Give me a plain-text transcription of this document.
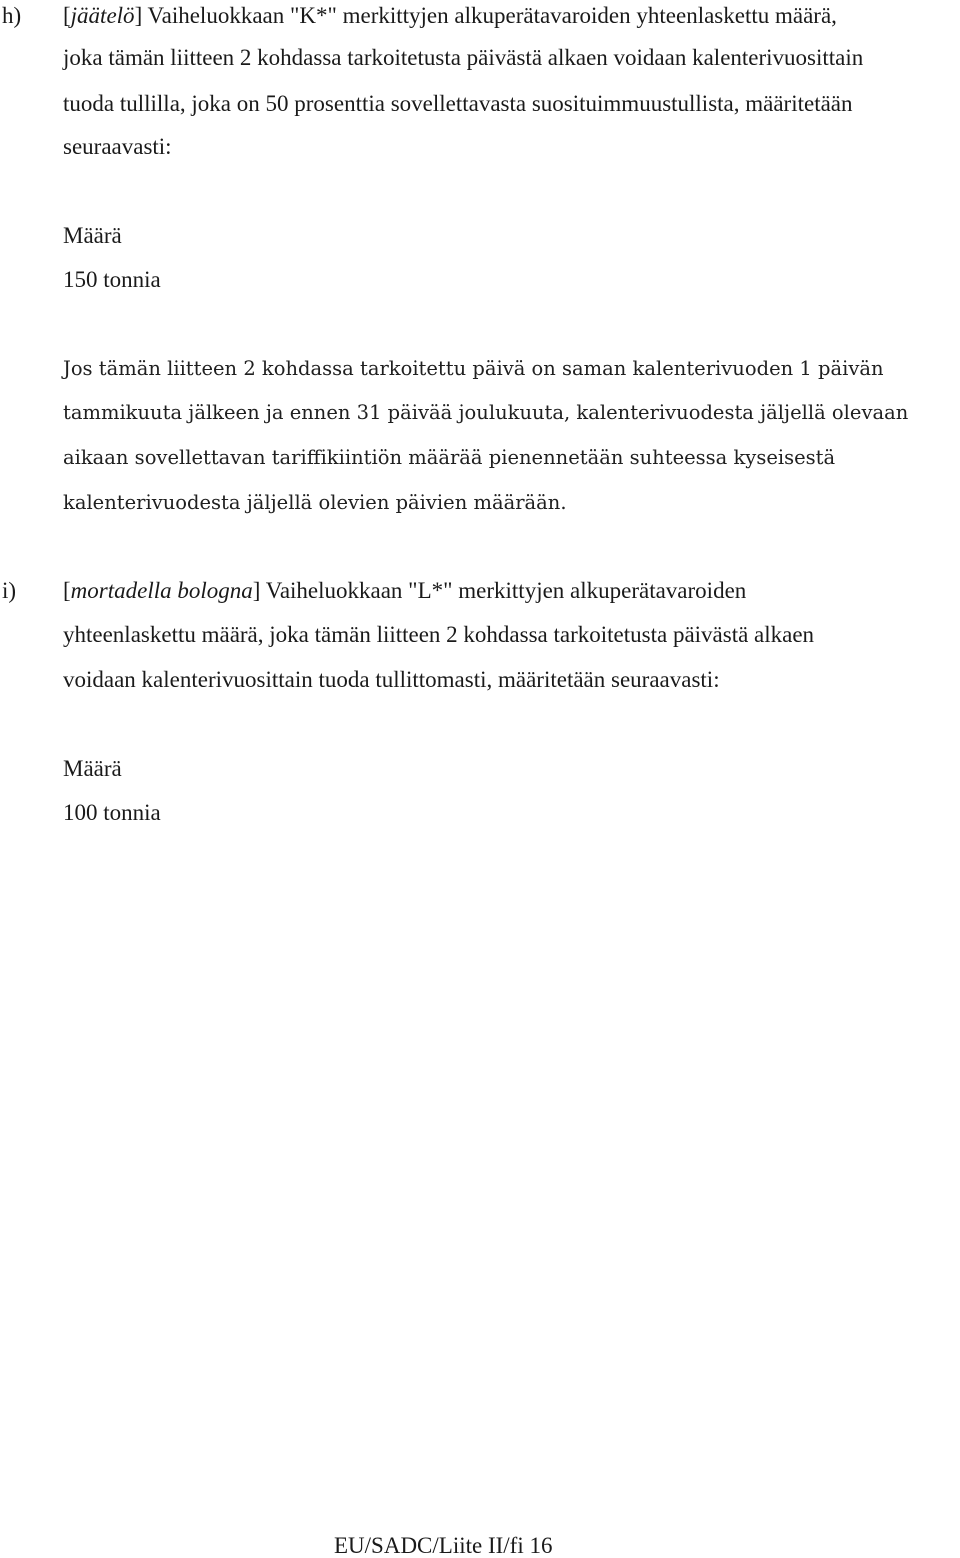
h) [jäätelö] Vaiheluokkaan "K*" merkittyjen alkuperätavaroiden yhteenlaskettu määrä,
joka tämän liitteen 2 kohdassa tarkoitetusta päivästä alkaen voidaan kalenterivuosittain
tuoda tullilla, joka on 50 prosenttia sovellettavasta suosituimmuustullista, määritetään
seuraavasti:
Määrä
150 tonnia
Jos tämän liitteen 2 kohdassa tarkoitettu päivä on saman kalenterivuoden 1 päivän
tammikuuta jälkeen ja ennen 31 päivää joulukuuta, kalenterivuodesta jäljellä olevaan
aikaan sovellettavan tariffikiintiön määrää pienennetään suhteessa kyseisestä
kalenterivuodesta jäljellä olevien päivien määrään.
i) [mortadella bologna] Vaiheluokkaan "L*" merkittyjen alkuperätavaroiden
yhteenlaskettu määrä, joka tämän liitteen 2 kohdassa tarkoitetusta päivästä alkaen
voidaan kalenterivuosittain tuoda tullittomasti, määritetään seuraavasti:
Määrä
100 tonnia
EU/SADC/Liite II/fi 16
